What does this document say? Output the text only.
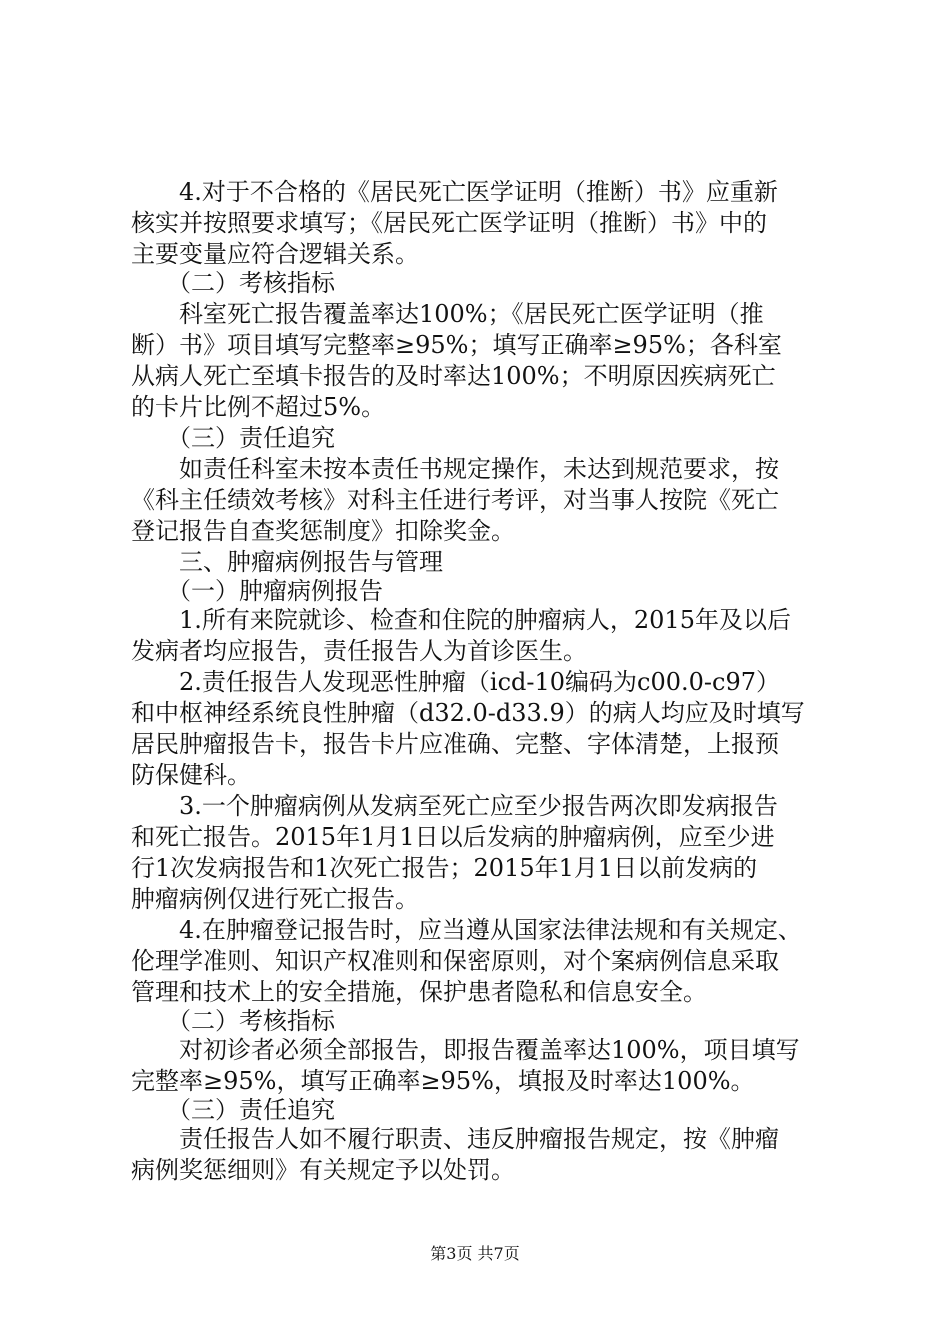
　　4.对于不合格的《居民死亡医学证明（推断）书》应重新
核实并按照要求填写；《居民死亡医学证明（推断）书》中的
主要变量应符合逻辑关系。
　　（二）考核指标
　　科室死亡报告覆盖率达100%；《居民死亡医学证明（推
断）书》项目填写完整率≥95%；填写正确率≥95%；各科室
从病人死亡至填卡报告的及时率达100%；不明原因疾病死亡
的卡片比例不超过5%。
　　（三）责任追究
　　如责任科室未按本责任书规定操作，未达到规范要求，按
《科主任绩效考核》对科主任进行考评，对当事人按院《死亡
登记报告自查奖惩制度》扣除奖金。
　　三、肿瘤病例报告与管理
　　（一）肿瘤病例报告
　　1.所有来院就诊、检查和住院的肿瘤病人，2015年及以后
发病者均应报告，责任报告人为首诊医生。
　　2.责任报告人发现恶性肿瘤（icd-10编码为c00.0-c97）
和中枢神经系统良性肿瘤（d32.0-d33.9）的病人均应及时填写
居民肿瘤报告卡，报告卡片应准确、完整、字体清楚，上报预
防保健科。
　　3.一个肿瘤病例从发病至死亡应至少报告两次即发病报告
和死亡报告。2015年1月1日以后发病的肿瘤病例，应至少进
行1次发病报告和1次死亡报告；2015年1月1日以前发病的
肿瘤病例仅进行死亡报告。
　　4.在肿瘤登记报告时，应当遵从国家法律法规和有关规定、
伦理学准则、知识产权准则和保密原则，对个案病例信息采取
管理和技术上的安全措施，保护患者隐私和信息安全。
　　（二）考核指标
　　对初诊者必须全部报告，即报告覆盖率达100%，项目填写
完整率≥95%，填写正确率≥95%，填报及时率达100%。
　　（三）责任追究
　　责任报告人如不履行职责、违反肿瘤报告规定，按《肿瘤
病例奖惩细则》有关规定予以处罚。
第3页 共7页
